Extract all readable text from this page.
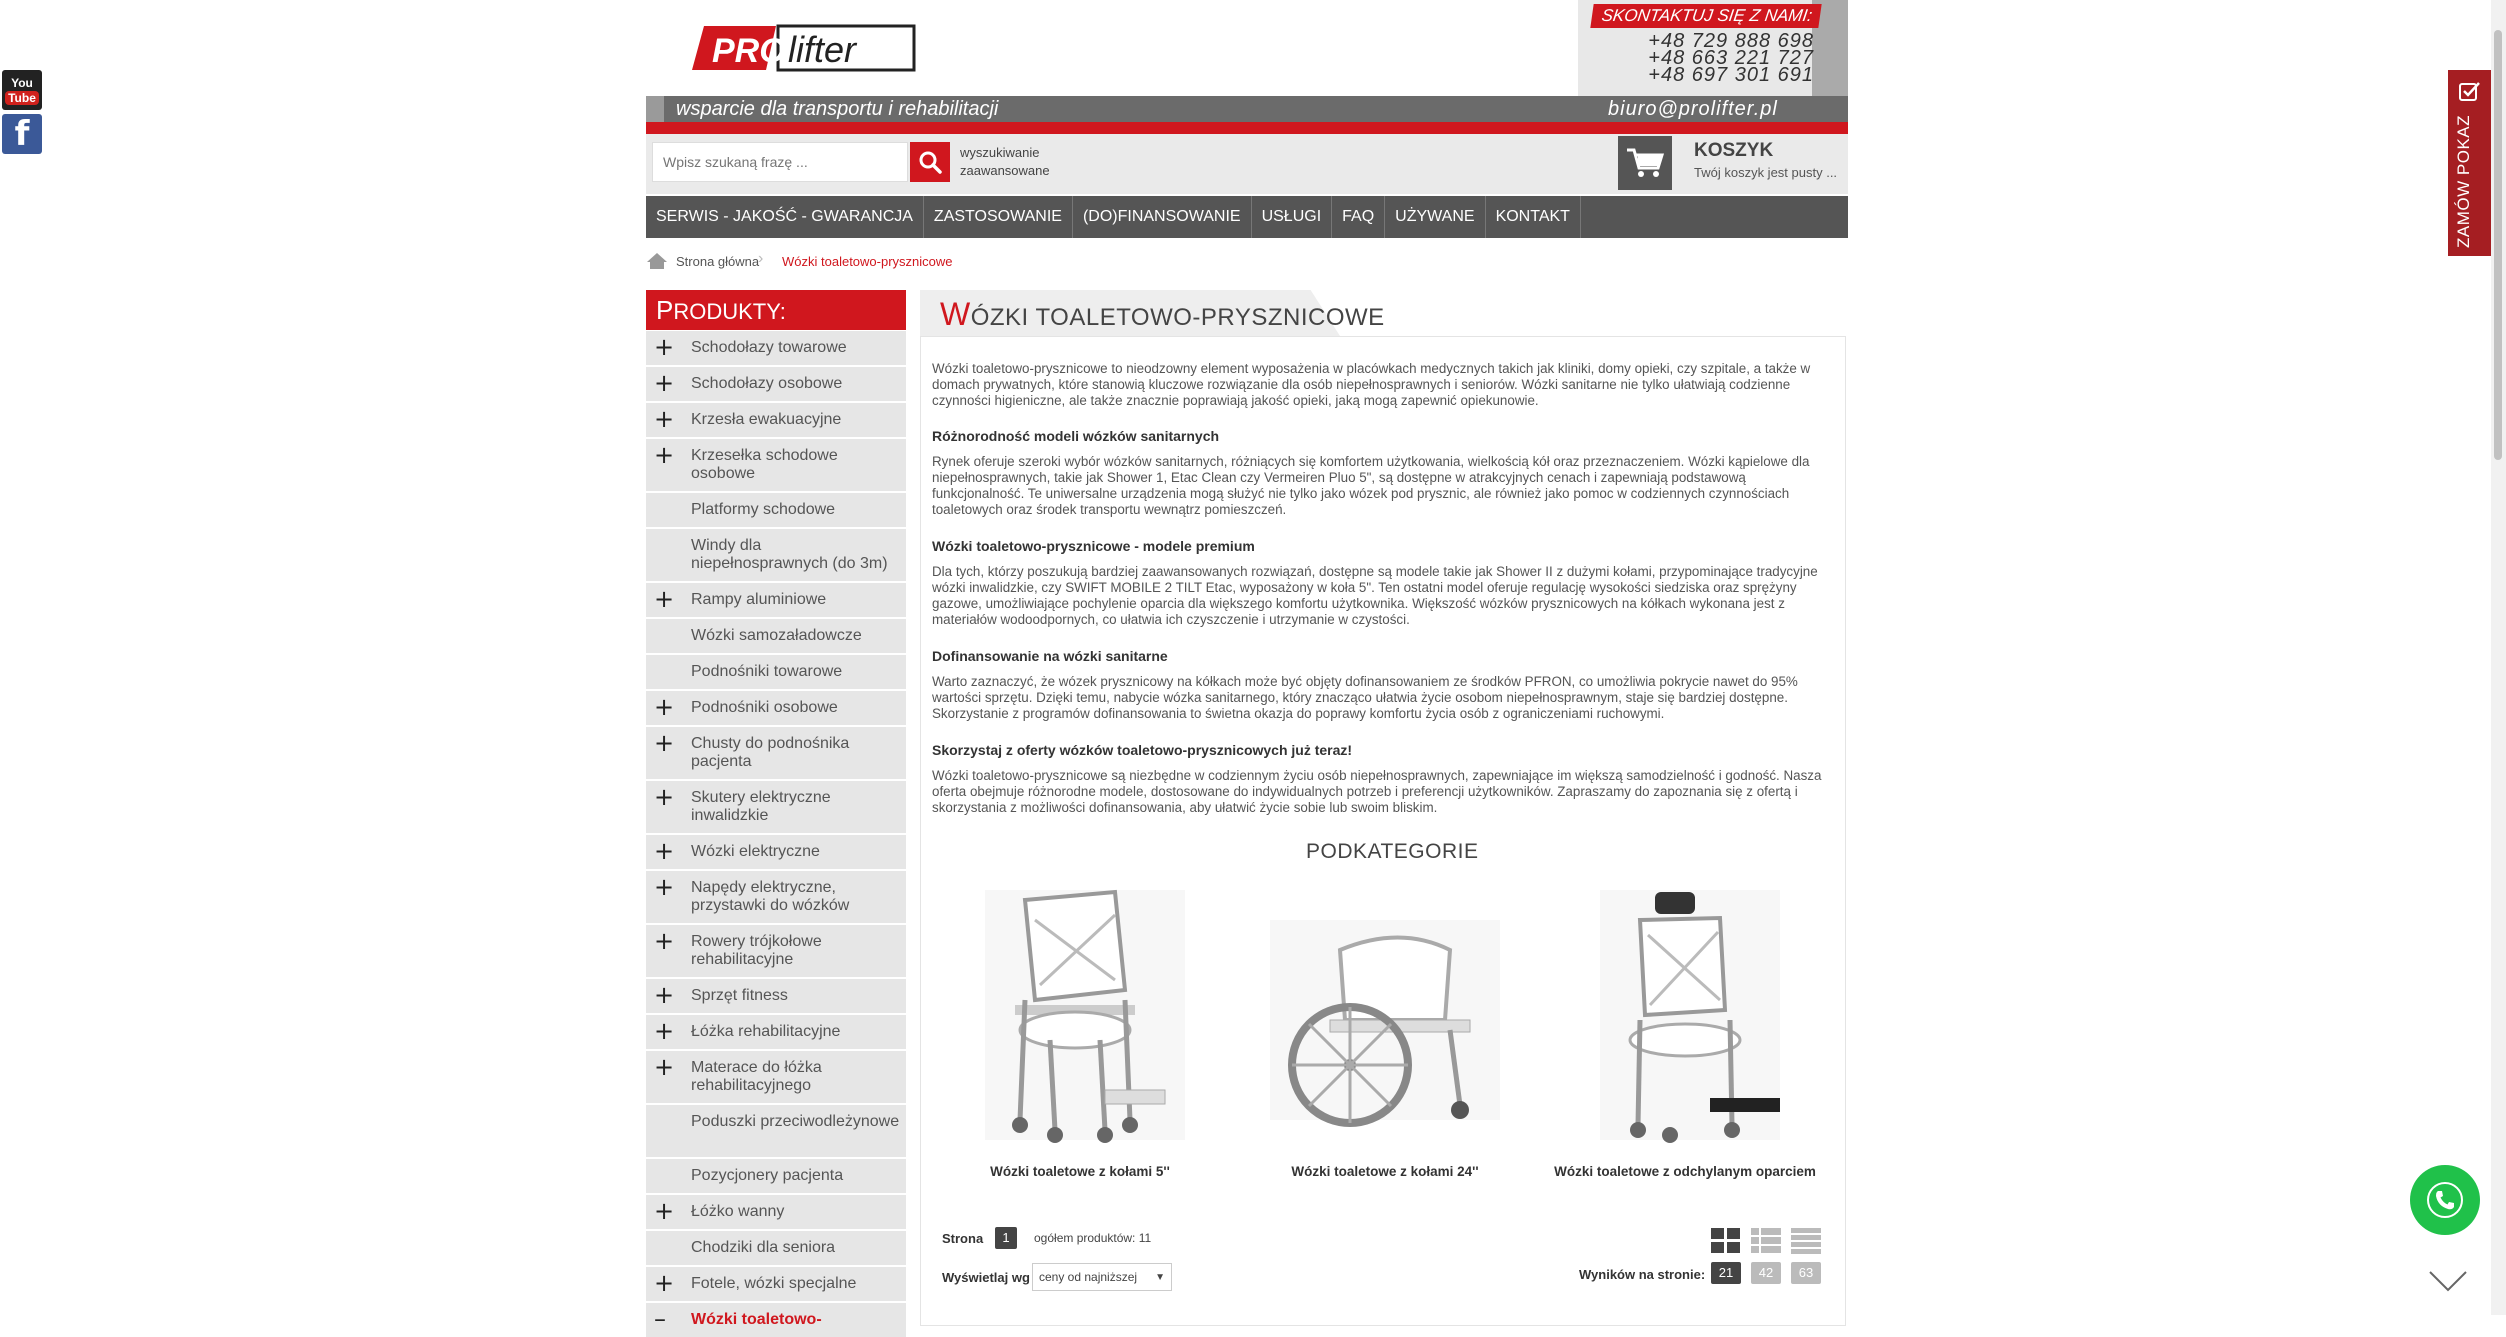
You
Tube
f
PRO lifter
SKONTAKTUJ SIĘ Z NAMI:
+48 729 888 698
+48 663 221 727
+48 697 301 691
wsparcie dla transportu i rehabilitacji	biuro@prolifter.pl
Wpisz szukaną frazę ...
wyszukiwanie
zaawansowane
KOSZYK
Twój koszyk jest pusty ...
SERWIS - JAKOŚĆ - GWARANCJA	ZASTOSOWANIE	(DO)FINANSOWANIE	USŁUGI	FAQ	UŻYWANE	KONTAKT
Strona główna
› Wózki toaletowo-prysznicowe
PRODUKTY:
+ Schodołazy towarowe
+ Schodołazy osobowe
+ Krzesła ewakuacyjne
+ Krzesełka schodowe osobowe
Platformy schodowe
Windy dla niepełnosprawnych (do 3m)
+ Rampy aluminiowe
Wózki samozaładowcze
Podnośniki towarowe
+ Podnośniki osobowe
+ Chusty do podnośnika pacjenta
+ Skutery elektryczne inwalidzkie
+ Wózki elektryczne
+ Napędy elektryczne, przystawki do wózków
+ Rowery trójkołowe rehabilitacyjne
+ Sprzęt fitness
+ Łóżka rehabilitacyjne
+ Materace do łóżka rehabilitacyjnego
Poduszki przeciwodleżynowe
Pozycjonery pacjenta
+ Łóżko wanny
Chodziki dla seniora
+ Fotele, wózki specjalne
– Wózki toaletowo-
WÓZKI TOALETOWO-PRYSZNICOWE
Wózki toaletowo-prysznicowe to nieodzowny element wyposażenia w placówkach medycznych takich jak kliniki, domy opieki, czy szpitale, a także w domach prywatnych, które stanowią kluczowe rozwiązanie dla osób niepełnosprawnych i seniorów. Wózki sanitarne nie tylko ułatwiają codzienne czynności higieniczne, ale także znacznie poprawiają jakość opieki, jaką mogą zapewnić opiekunowie.
Różnorodność modeli wózków sanitarnych
Rynek oferuje szeroki wybór wózków sanitarnych, różniących się komfortem użytkowania, wielkością kół oraz przeznaczeniem. Wózki kąpielowe dla niepełnosprawnych, takie jak Shower 1, Etac Clean czy Vermeiren Pluo 5", są dostępne w atrakcyjnych cenach i zapewniają podstawową funkcjonalność. Te uniwersalne urządzenia mogą służyć nie tylko jako wózek pod prysznic, ale również jako pomoc w codziennych czynnościach toaletowych oraz środek transportu wewnątrz pomieszczeń.
Wózki toaletowo-prysznicowe - modele premium
Dla tych, którzy poszukują bardziej zaawansowanych rozwiązań, dostępne są modele takie jak Shower II z dużymi kołami, przypominające tradycyjne wózki inwalidzkie, czy SWIFT MOBILE 2 TILT Etac, wyposażony w koła 5". Ten ostatni model oferuje regulację wysokości siedziska oraz sprężyny gazowe, umożliwiające pochylenie oparcia dla większego komfortu użytkownika. Większość wózków prysznicowych na kółkach wykonana jest z materiałów wodoodpornych, co ułatwia ich czyszczenie i utrzymanie w czystości.
Dofinansowanie na wózki sanitarne
Warto zaznaczyć, że wózek prysznicowy na kółkach może być objęty dofinansowaniem ze środków PFRON, co umożliwia pokrycie nawet do 95% wartości sprzętu. Dzięki temu, nabycie wózka sanitarnego, który znacząco ułatwia życie osobom niepełnosprawnym, staje się bardziej dostępne. Skorzystanie z programów dofinansowania to świetna okazja do poprawy komfortu życia osób z ograniczeniami ruchowymi.
Skorzystaj z oferty wózków toaletowo-prysznicowych już teraz!
Wózki toaletowo-prysznicowe są niezbędne w codziennym życiu osób niepełnosprawnych, zapewniające im większą samodzielność i godność. Nasza oferta obejmuje różnorodne modele, dostosowane do indywidualnych potrzeb i preferencji użytkowników. Zapraszamy do zapoznania się z ofertą i skorzystania z możliwości dofinansowania, aby ułatwić życie sobie lub swoim bliskim.
PODKATEGORIE
Wózki toaletowe z kołami 5''	Wózki toaletowe z kołami 24''	Wózki toaletowe z odchylanym oparciem
Strona	1	ogółem produktów: 11
Wyświetlaj wg ceny od najniższej ▼	Wyników na stronie:	21	42	63
ZAMÓW POKAZ
